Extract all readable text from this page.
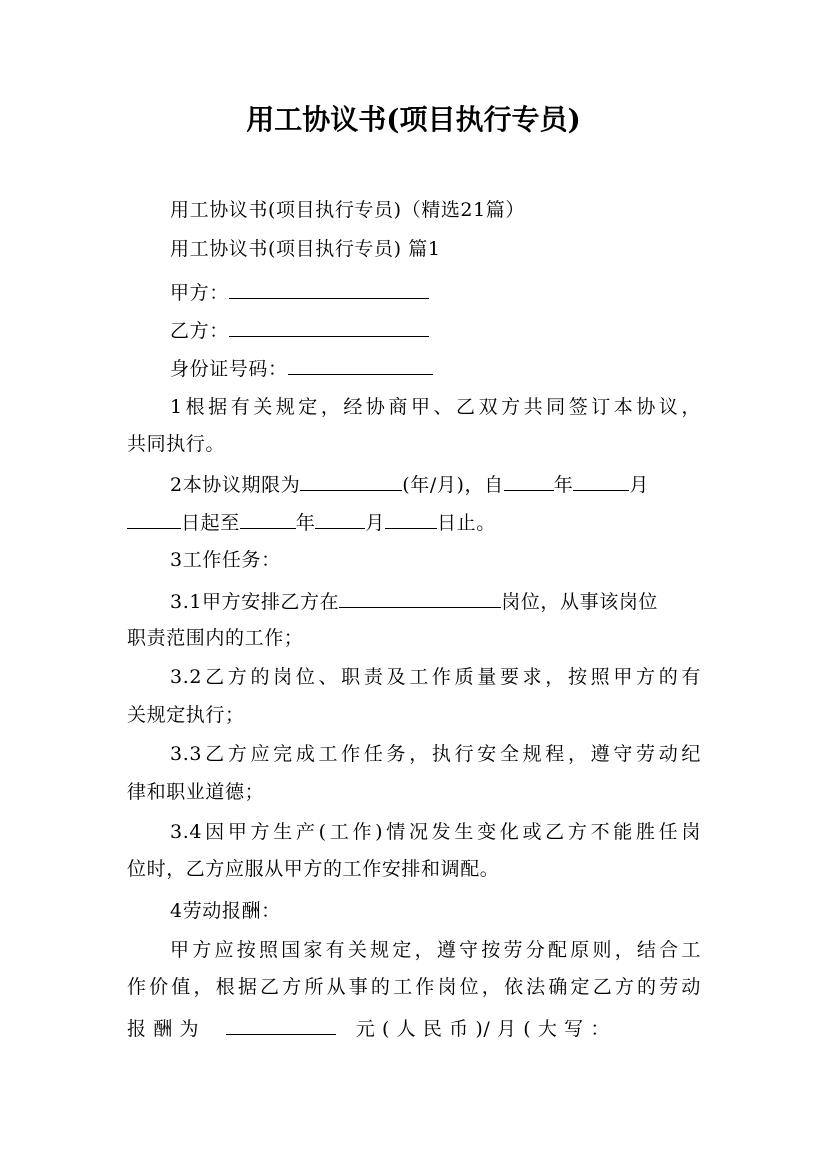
用工协议书(项目执行专员)
用工协议书(项目执行专员)（精选21篇）
用工协议书(项目执行专员) 篇1
甲方：
乙方：
身份证号码：
1根据有关规定，经协商甲、乙双方共同签订本协议，
共同执行。
2本协议期限为	(年/月)，自	年	月
日起至	年	月	日止。
3工作任务：
3.1甲方安排乙方在	岗位，从事该岗位
职责范围内的工作；
3.2乙方的岗位、职责及工作质量要求，按照甲方的有
关规定执行；
3.3乙方应完成工作任务，执行安全规程，遵守劳动纪
律和职业道德；
3.4因甲方生产(工作)情况发生变化或乙方不能胜任岗
位时，乙方应服从甲方的工作安排和调配。
4劳动报酬：
甲方应按照国家有关规定，遵守按劳分配原则，结合工
作价值，根据乙方所从事的工作岗位，依法确定乙方的劳动
报 酬 为	元 ( 人 民 币 )/ 月 ( 大 写 ：
